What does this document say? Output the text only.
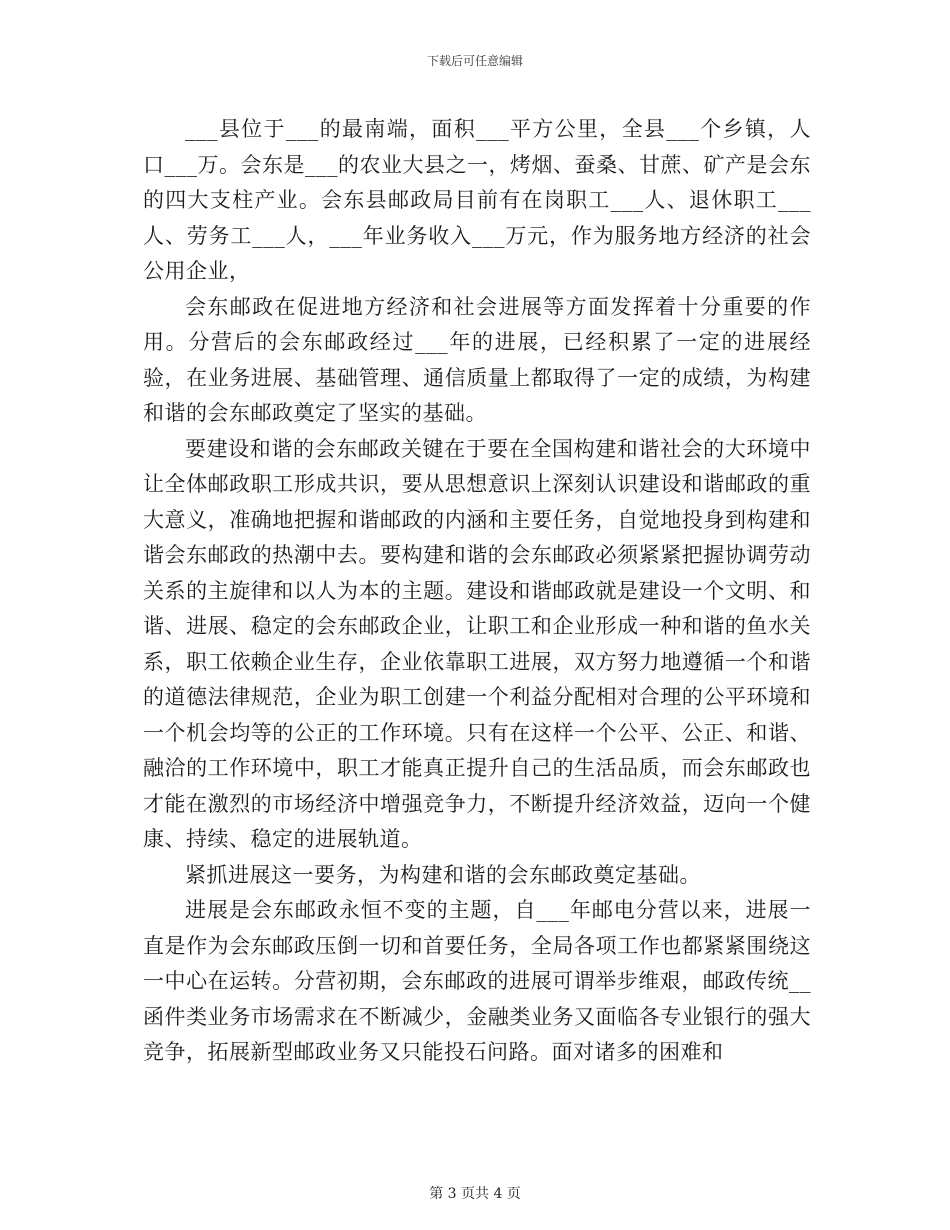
下载后可任意编辑

___县位于___的最南端，面积___平方公里，全县___个乡镇，人口___万。会东是___的农业大县之一，烤烟、蚕桑、甘蔗、矿产是会东的四大支柱产业。会东县邮政局目前有在岗职工___人、退休职工___人、劳务工___人，___年业务收入___万元，作为服务地方经济的社会公用企业，

会东邮政在促进地方经济和社会进展等方面发挥着十分重要的作用。分营后的会东邮政经过___年的进展，已经积累了一定的进展经验，在业务进展、基础管理、通信质量上都取得了一定的成绩，为构建和谐的会东邮政奠定了坚实的基础。

要建设和谐的会东邮政关键在于要在全国构建和谐社会的大环境中让全体邮政职工形成共识，要从思想意识上深刻认识建设和谐邮政的重大意义，准确地把握和谐邮政的内涵和主要任务，自觉地投身到构建和谐会东邮政的热潮中去。要构建和谐的会东邮政必须紧紧把握协调劳动关系的主旋律和以人为本的主题。建设和谐邮政就是建设一个文明、和谐、进展、稳定的会东邮政企业，让职工和企业形成一种和谐的鱼水关系，职工依赖企业生存，企业依靠职工进展，双方努力地遵循一个和谐的道德法律规范，企业为职工创建一个利益分配相对合理的公平环境和一个机会均等的公正的工作环境。只有在这样一个公平、公正、和谐、融洽的工作环境中，职工才能真正提升自己的生活品质，而会东邮政也才能在激烈的市场经济中增强竞争力，不断提升经济效益，迈向一个健康、持续、稳定的进展轨道。

紧抓进展这一要务，为构建和谐的会东邮政奠定基础。

进展是会东邮政永恒不变的主题，自___年邮电分营以来，进展一直是作为会东邮政压倒一切和首要任务，全局各项工作也都紧紧围绕这一中心在运转。分营初期，会东邮政的进展可谓举步维艰，邮政传统__函件类业务市场需求在不断减少，金融类业务又面临各专业银行的强大竞争，拓展新型邮政业务又只能投石问路。面对诸多的困难和

第 3 页共 4 页
